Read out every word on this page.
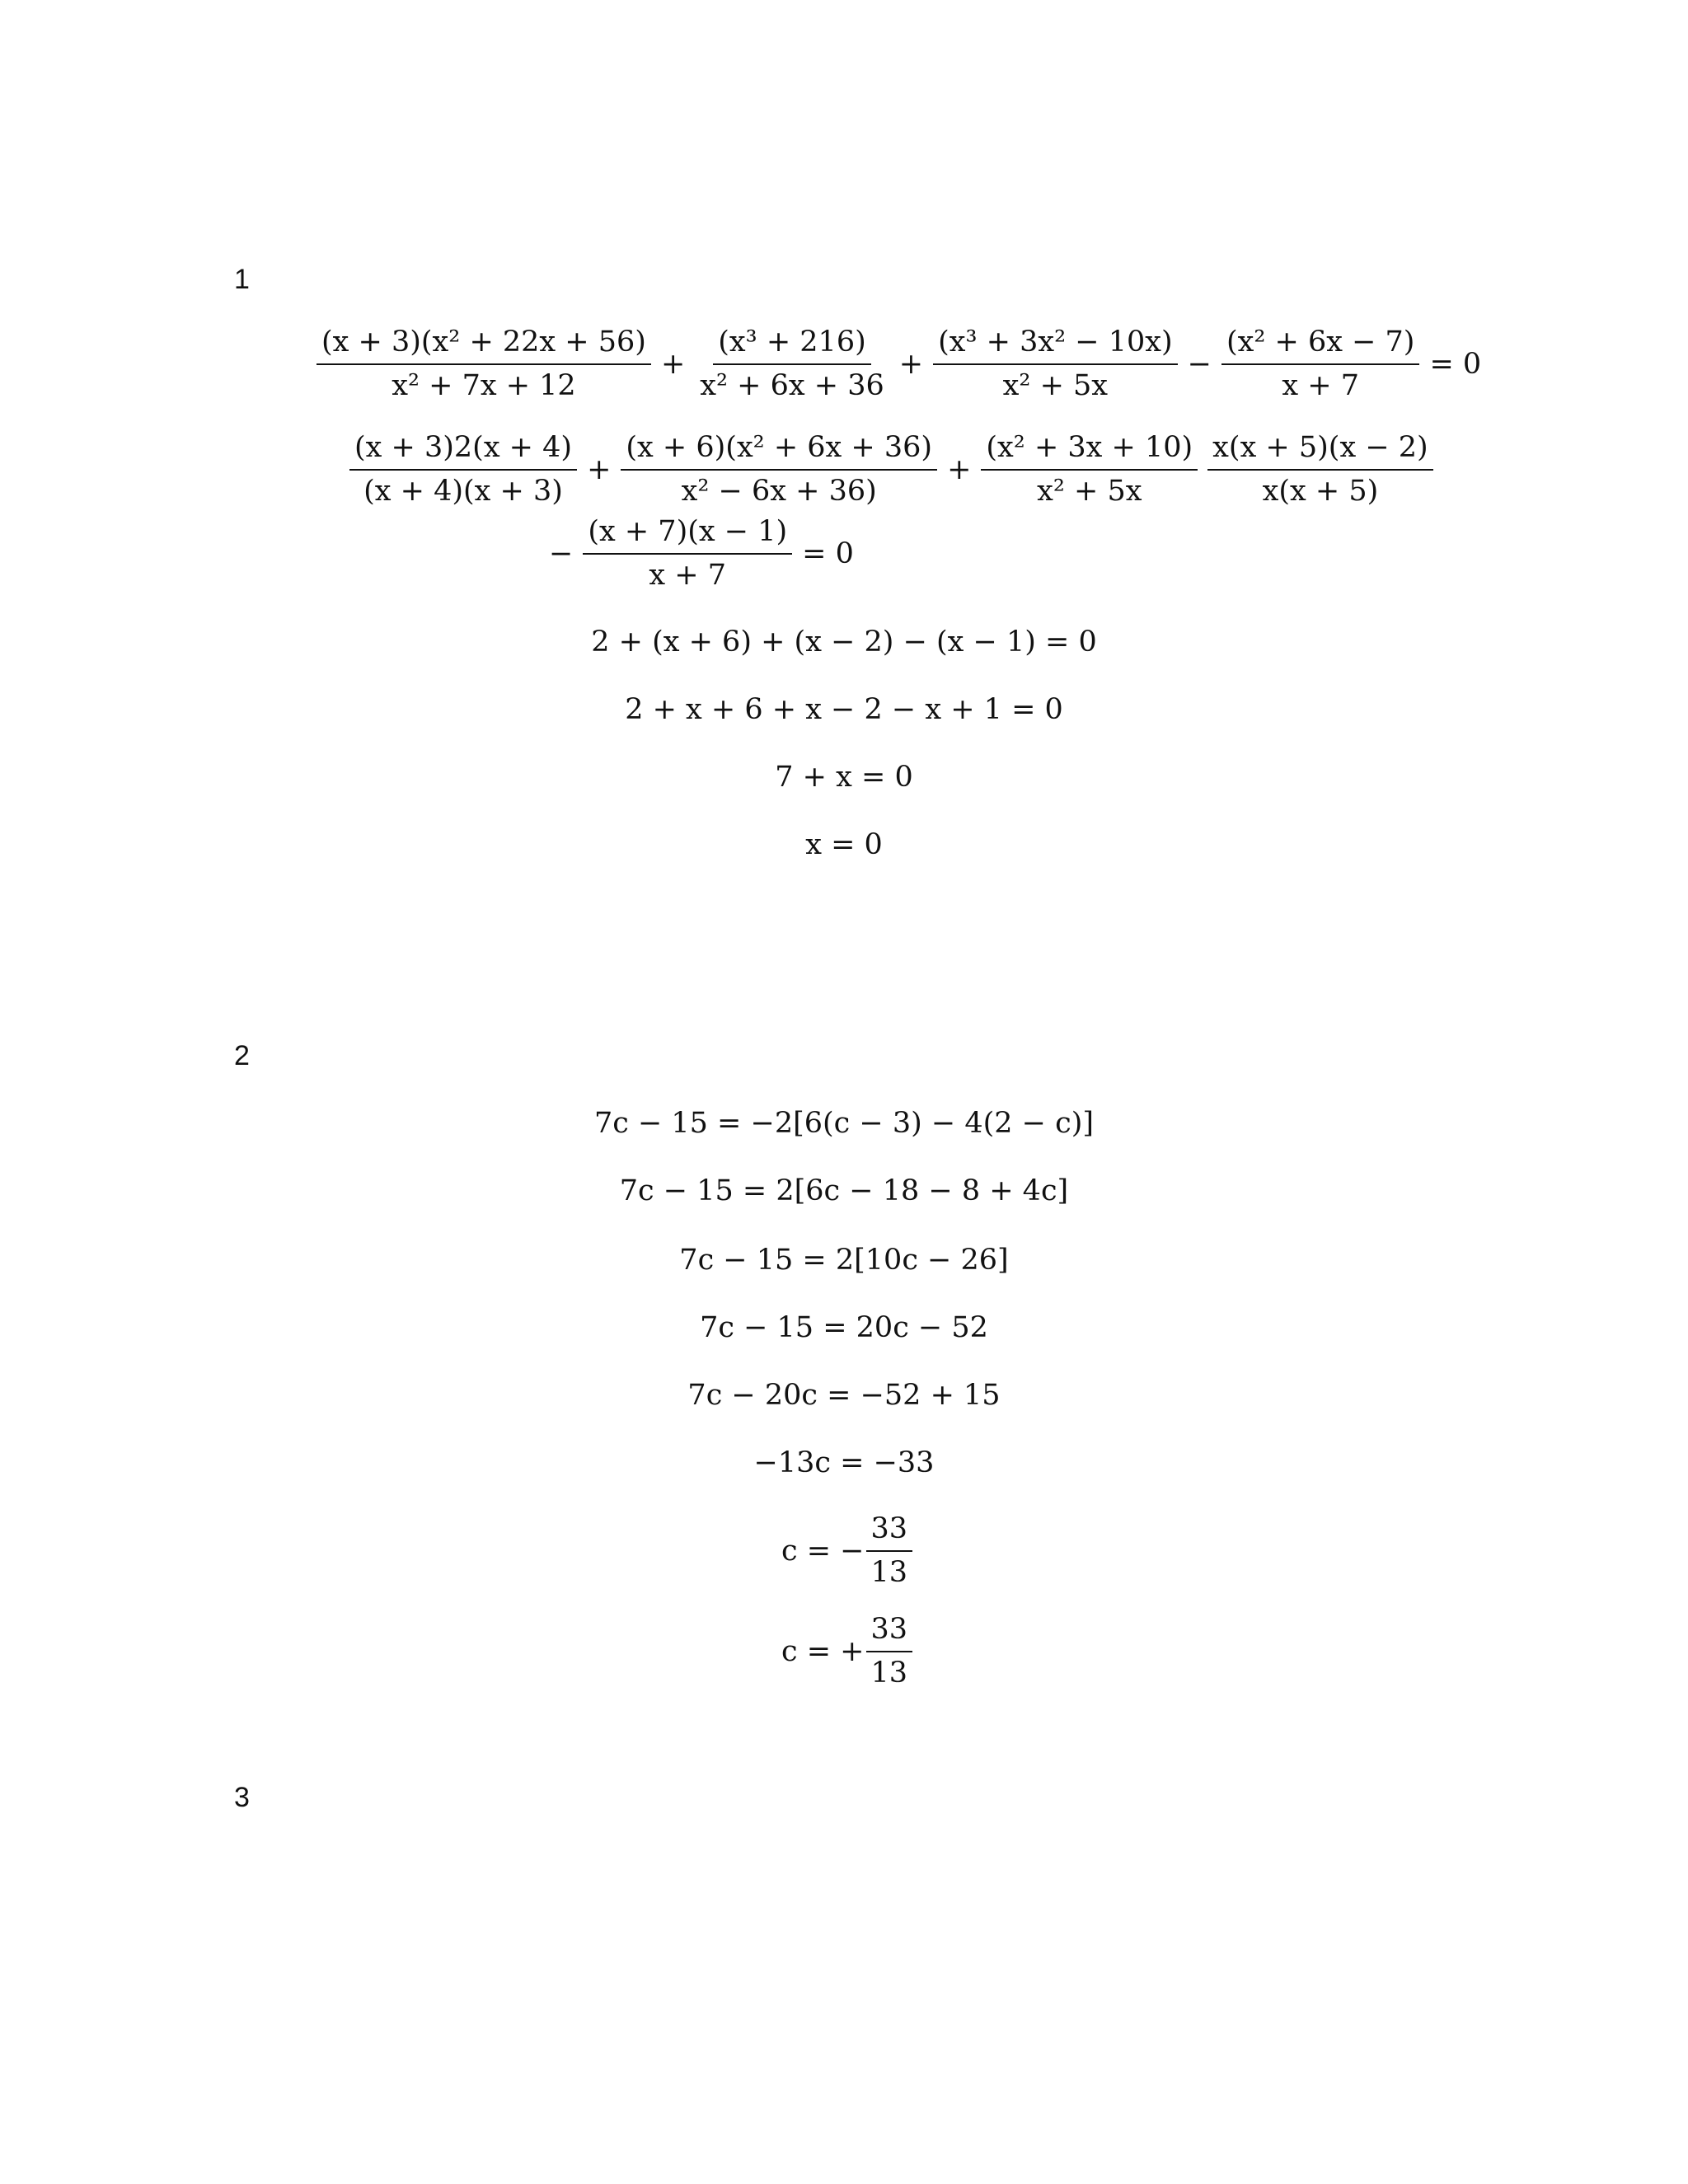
1
$\frac{\text{(x + 3)(x² + 22x + 56)}}{\text{x² + 7x + 12}} + \frac{\text{(x³ + 216)}}{\text{x² + 6x + 36}} + \frac{\text{(x³ + 3x² − 10x)}}{\text{x² + 5x}} - \frac{\text{(x² + 6x − 7)}}{x + 7} = 0$
$\frac{(x + 3)2(x + 4)}{(x + 4)(x + 3)} + \frac{\text{(x + 6)(x² + 6x + 36)}}{\text{x² − 6x + 36)}} + \frac{\text{(x² + 3x + 10)}}{\text{x² + 5x}} \frac{x(x + 5)(x - 2)}{x(x + 5)}$
− $\frac{(x + 7)(x - 1)}{x + 7} = 0$
2 + (x + 6) + (x − 2) − (x − 1) = 0
2 + x + 6 + x − 2 − x + 1 = 0
7 + x = 0
x = 0
2
7c − 15 = −2[6(c − 3) − 4(2 − c)]
7c − 15 = 2[6c − 18 − 8 + 4c]
7c − 15 = 2[10c − 26]
7c − 15 = 20c − 52
7c − 20c = −52 + 15
−13c = −33
c = − $\frac{33}{13}$
c = + $\frac{33}{13}$
3
